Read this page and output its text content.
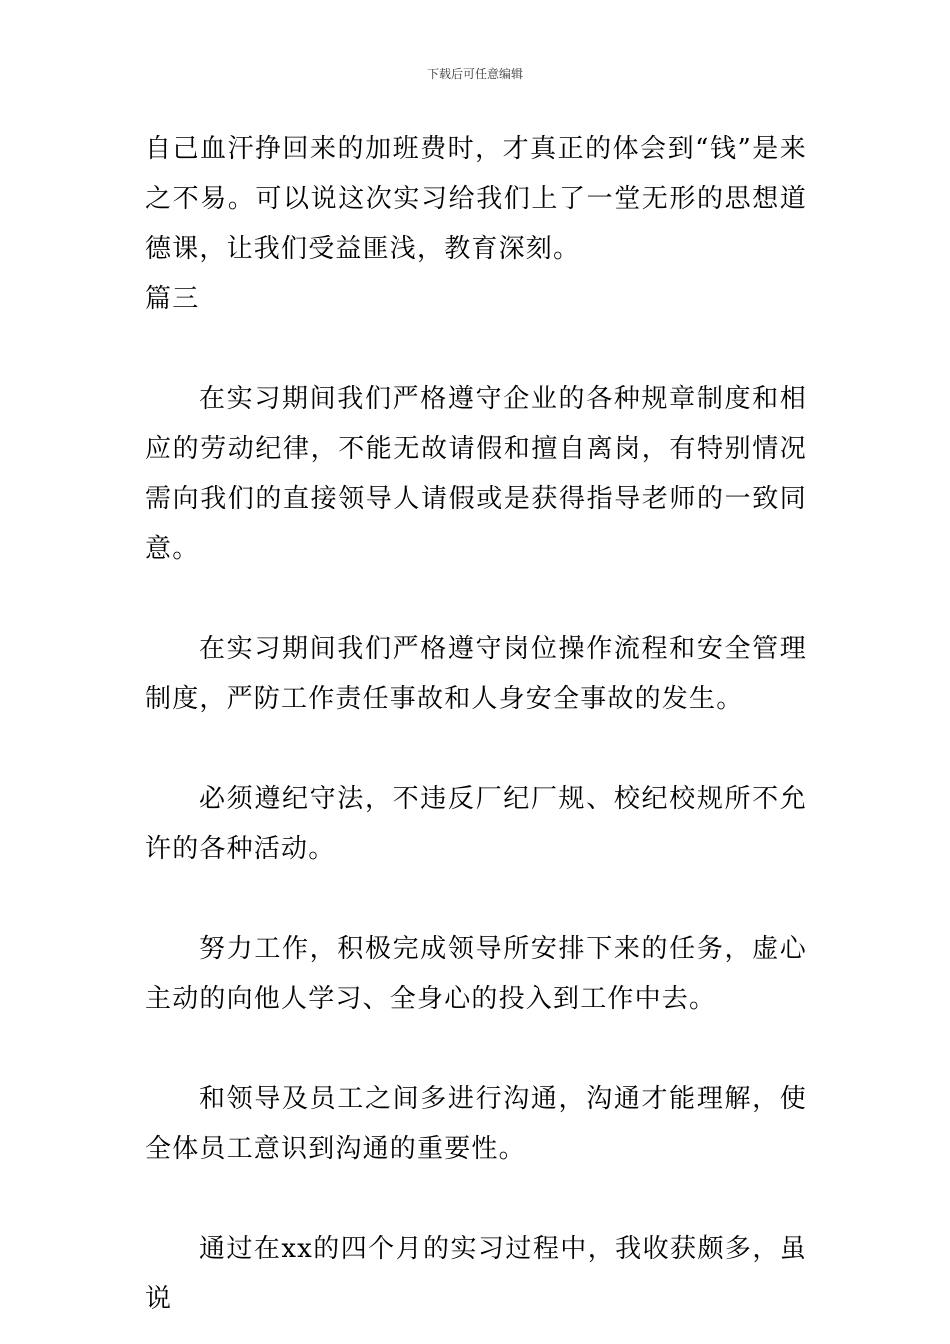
下载后可任意编辑

自己血汗挣回来的加班费时，才真正的体会到“钱”是来之不易。可以说这次实习给我们上了一堂无形的思想道德课，让我们受益匪浅，教育深刻。

篇三

在实习期间我们严格遵守企业的各种规章制度和相应的劳动纪律，不能无故请假和擅自离岗，有特别情况需向我们的直接领导人请假或是获得指导老师的一致同意。

在实习期间我们严格遵守岗位操作流程和安全管理制度，严防工作责任事故和人身安全事故的发生。

必须遵纪守法，不违反厂纪厂规、校纪校规所不允许的各种活动。

努力工作，积极完成领导所安排下来的任务，虚心主动的向他人学习、全身心的投入到工作中去。

和领导及员工之间多进行沟通，沟通才能理解，使全体员工意识到沟通的重要性。

通过在xx的四个月的实习过程中，我收获颇多，虽说
